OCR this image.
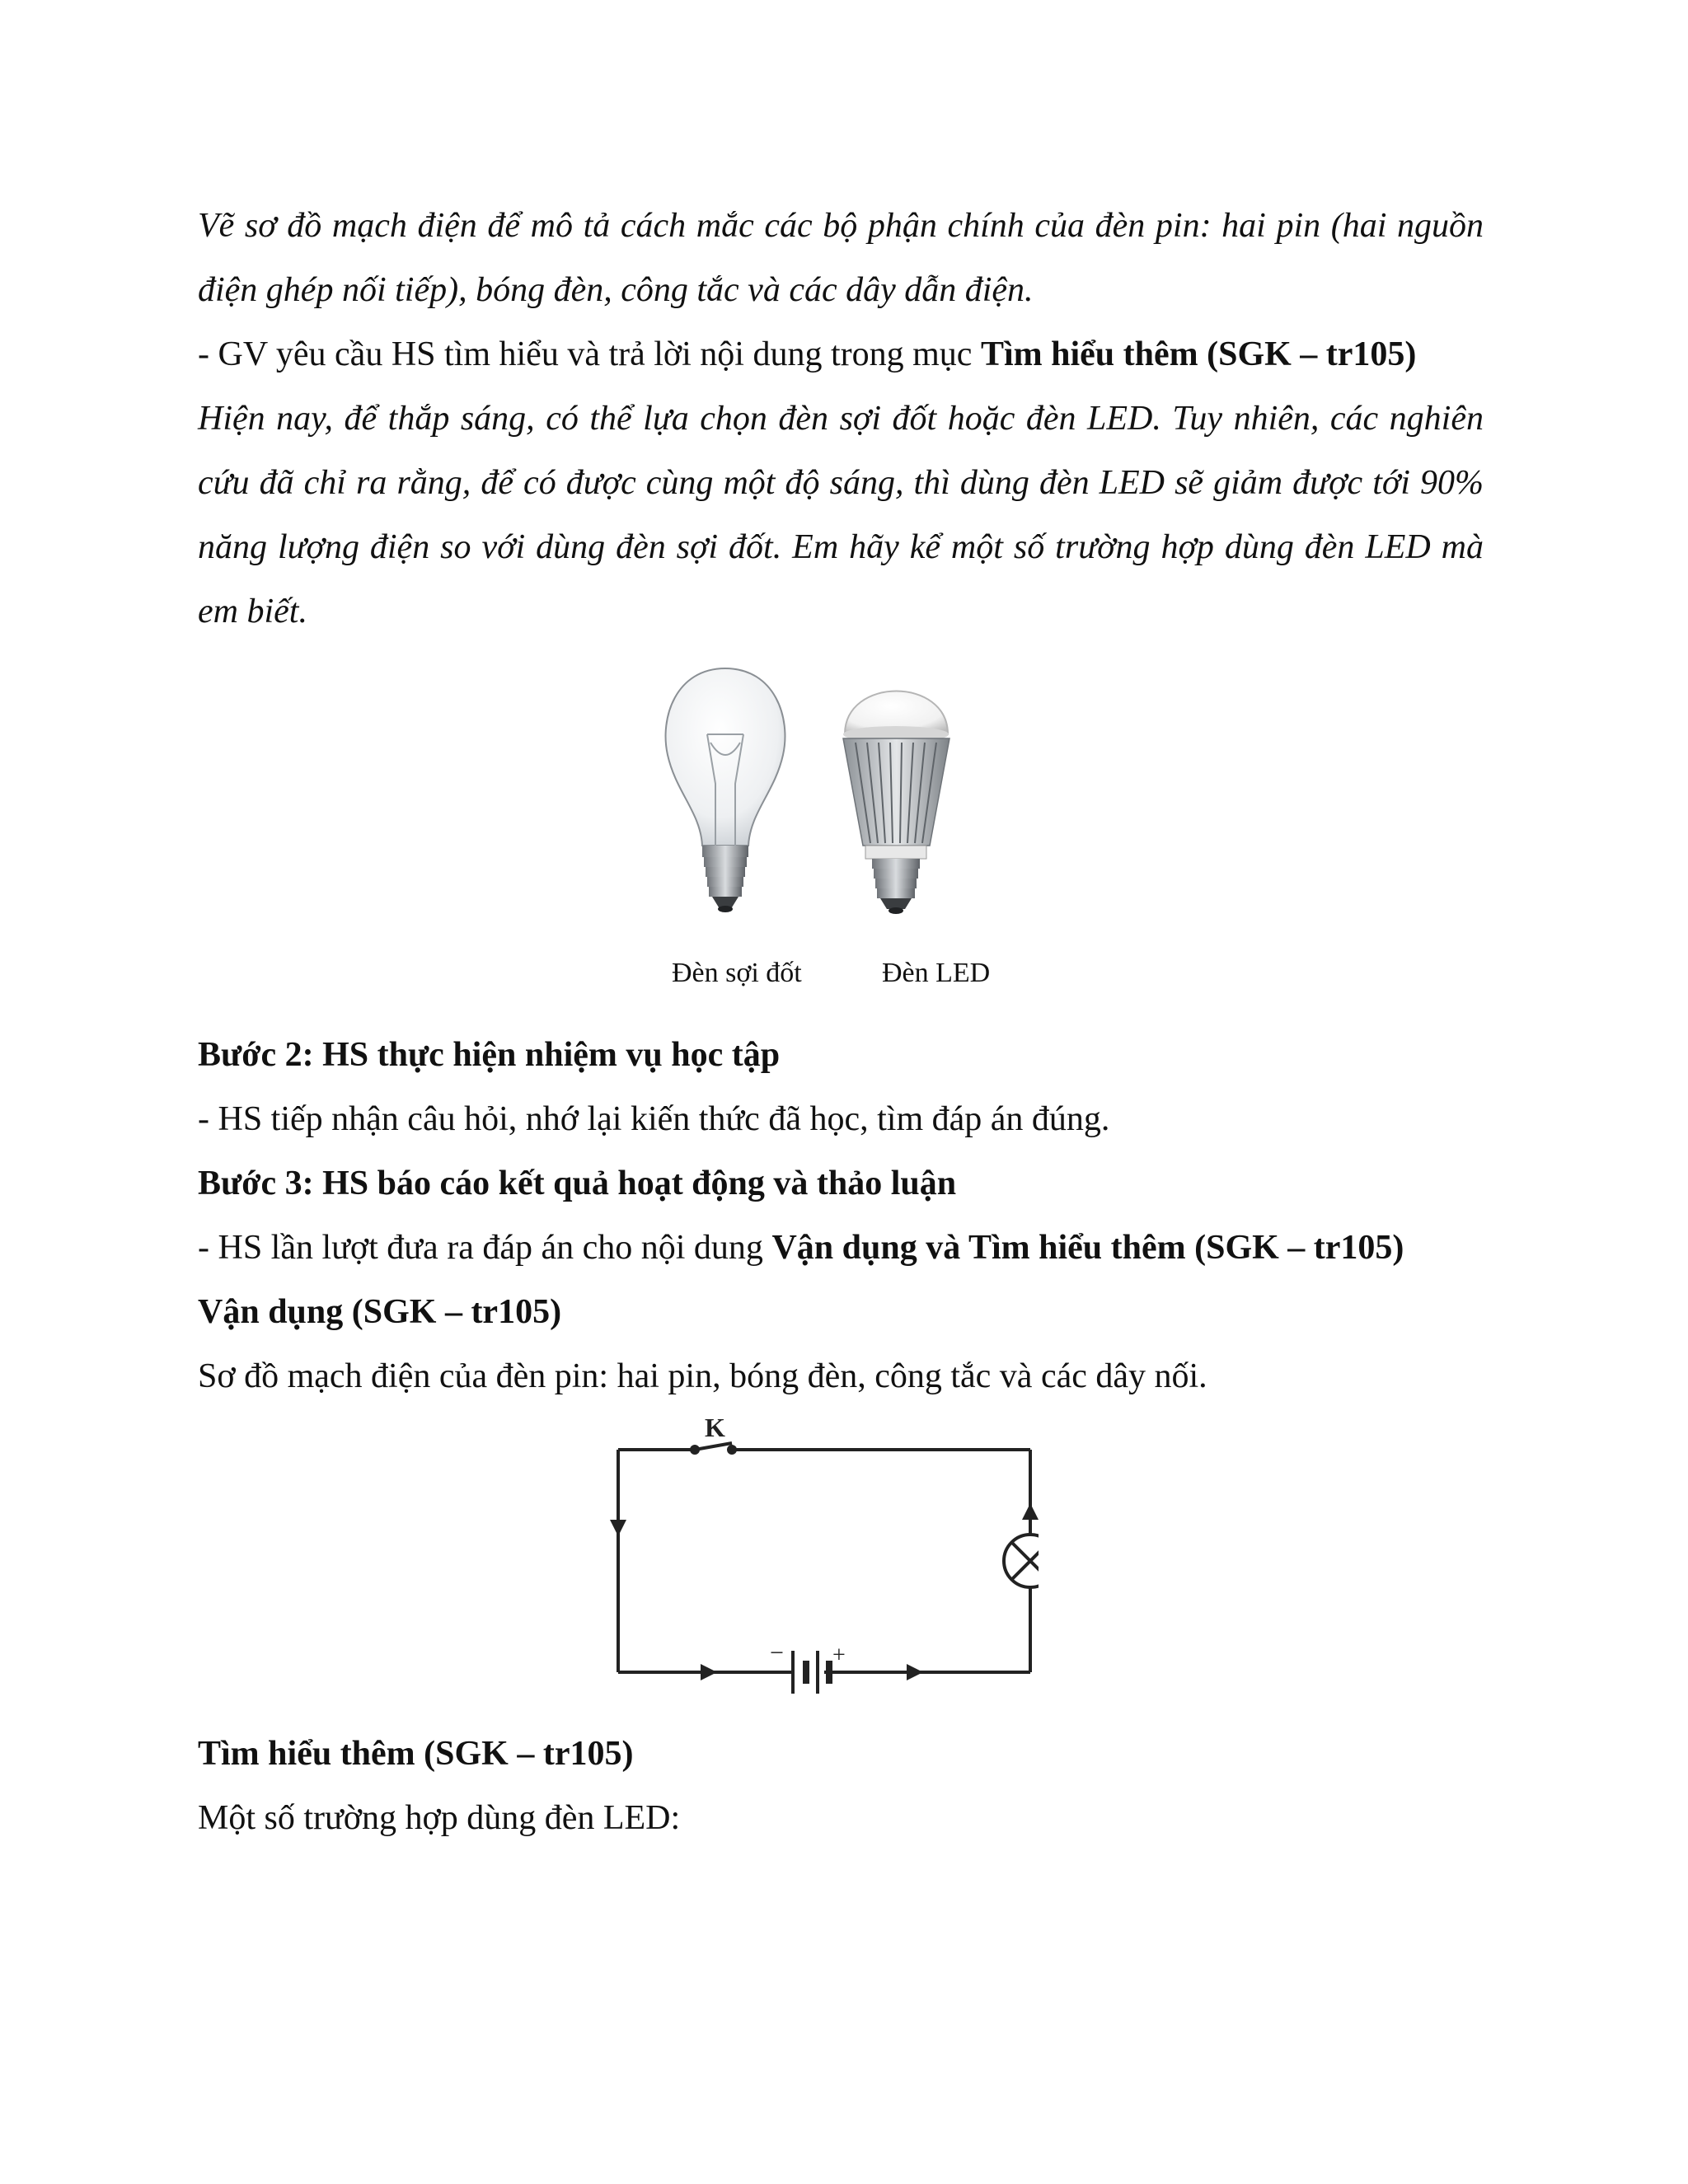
Vẽ sơ đồ mạch điện để mô tả cách mắc các bộ phận chính của đèn pin: hai pin (hai nguồn điện ghép nối tiếp), bóng đèn, công tắc và các dây dẫn điện.

- GV yêu cầu HS tìm hiểu và trả lời nội dung trong mục Tìm hiểu thêm (SGK – tr105)

Hiện nay, để thắp sáng, có thể lựa chọn đèn sợi đốt hoặc đèn LED. Tuy nhiên, các nghiên cứu đã chỉ ra rằng, để có được cùng một độ sáng, thì dùng đèn LED sẽ giảm được tới 90% năng lượng điện so với dùng đèn sợi đốt. Em hãy kể một số trường hợp dùng đèn LED mà em biết.

Đèn sợi đốt	Đèn LED

Bước 2: HS thực hiện nhiệm vụ học tập

- HS tiếp nhận câu hỏi, nhớ lại kiến thức đã học, tìm đáp án đúng.

Bước 3: HS báo cáo kết quả hoạt động và thảo luận

- HS lần lượt đưa ra đáp án cho nội dung Vận dụng và Tìm hiểu thêm (SGK – tr105)

Vận dụng (SGK – tr105)

Sơ đồ mạch điện của đèn pin: hai pin, bóng đèn, công tắc và các dây nối.

K
− +

Tìm hiểu thêm (SGK – tr105)

Một số trường hợp dùng đèn LED:
